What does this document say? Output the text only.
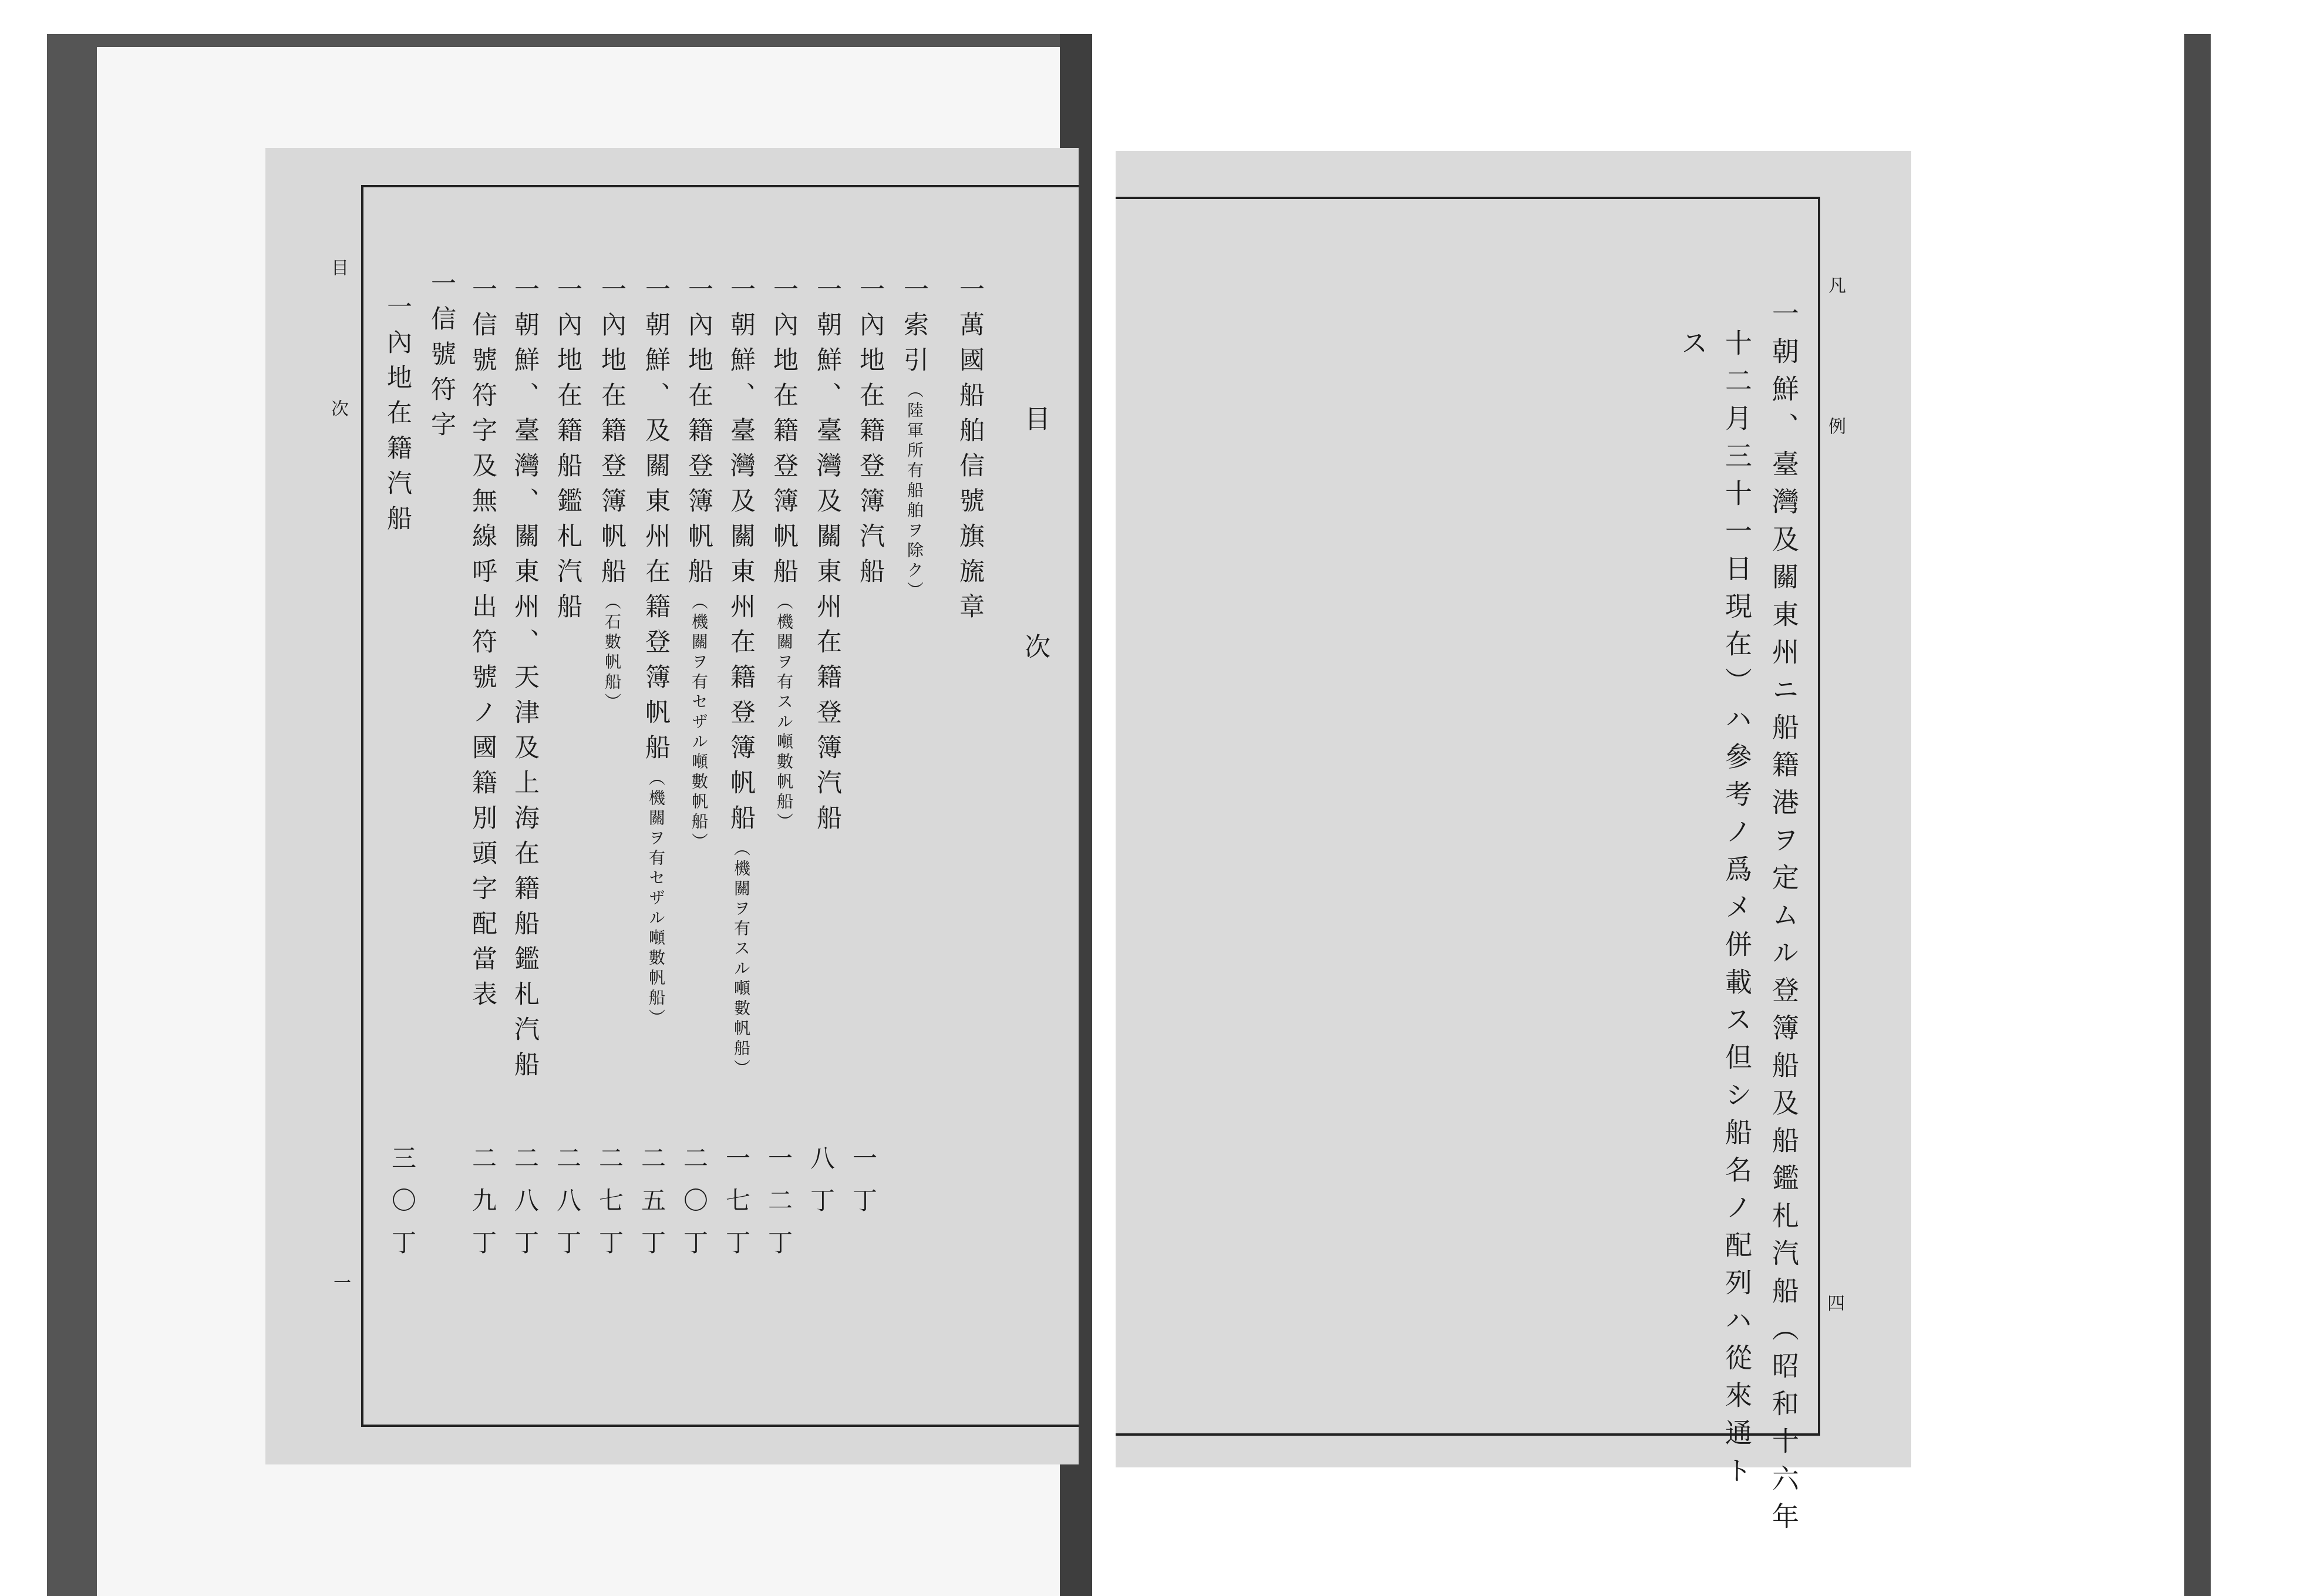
目　次
一
目　次
一萬國船舶信號旗旒章
一索引（陸軍所有船舶ヲ除ク）
一內地在籍登簿汽船
一朝鮮、臺灣及關東州在籍登簿汽船
一內地在籍登簿帆船（機關ヲ有スル噸數帆船）
一朝鮮、臺灣及關東州在籍登簿帆船（機關ヲ有スル噸數帆船）
一內地在籍登簿帆船（機關ヲ有セザル噸數帆船）
一朝鮮、及關東州在籍登簿帆船（機關ヲ有セザル噸數帆船）
一內地在籍登簿帆船（石數帆船）
一內地在籍船鑑札汽船
一朝鮮、臺灣、關東州、天津及上海在籍船鑑札汽船
一信號符字及無線呼出符號ノ國籍別頭字配當表
一信號符字
一內地在籍汽船
一丁
八丁
一二丁
一七丁
二〇丁
二五丁
二七丁
二八丁
二八丁
二九丁
三〇丁
凡　例
四
一朝鮮、臺灣及關東州ニ船籍港ヲ定ムル登簿船及船鑑札汽船（昭和十六年
十二月三十一日現在）ハ參考ノ爲メ併載ス但シ船名ノ配列ハ從來通ト
ス
